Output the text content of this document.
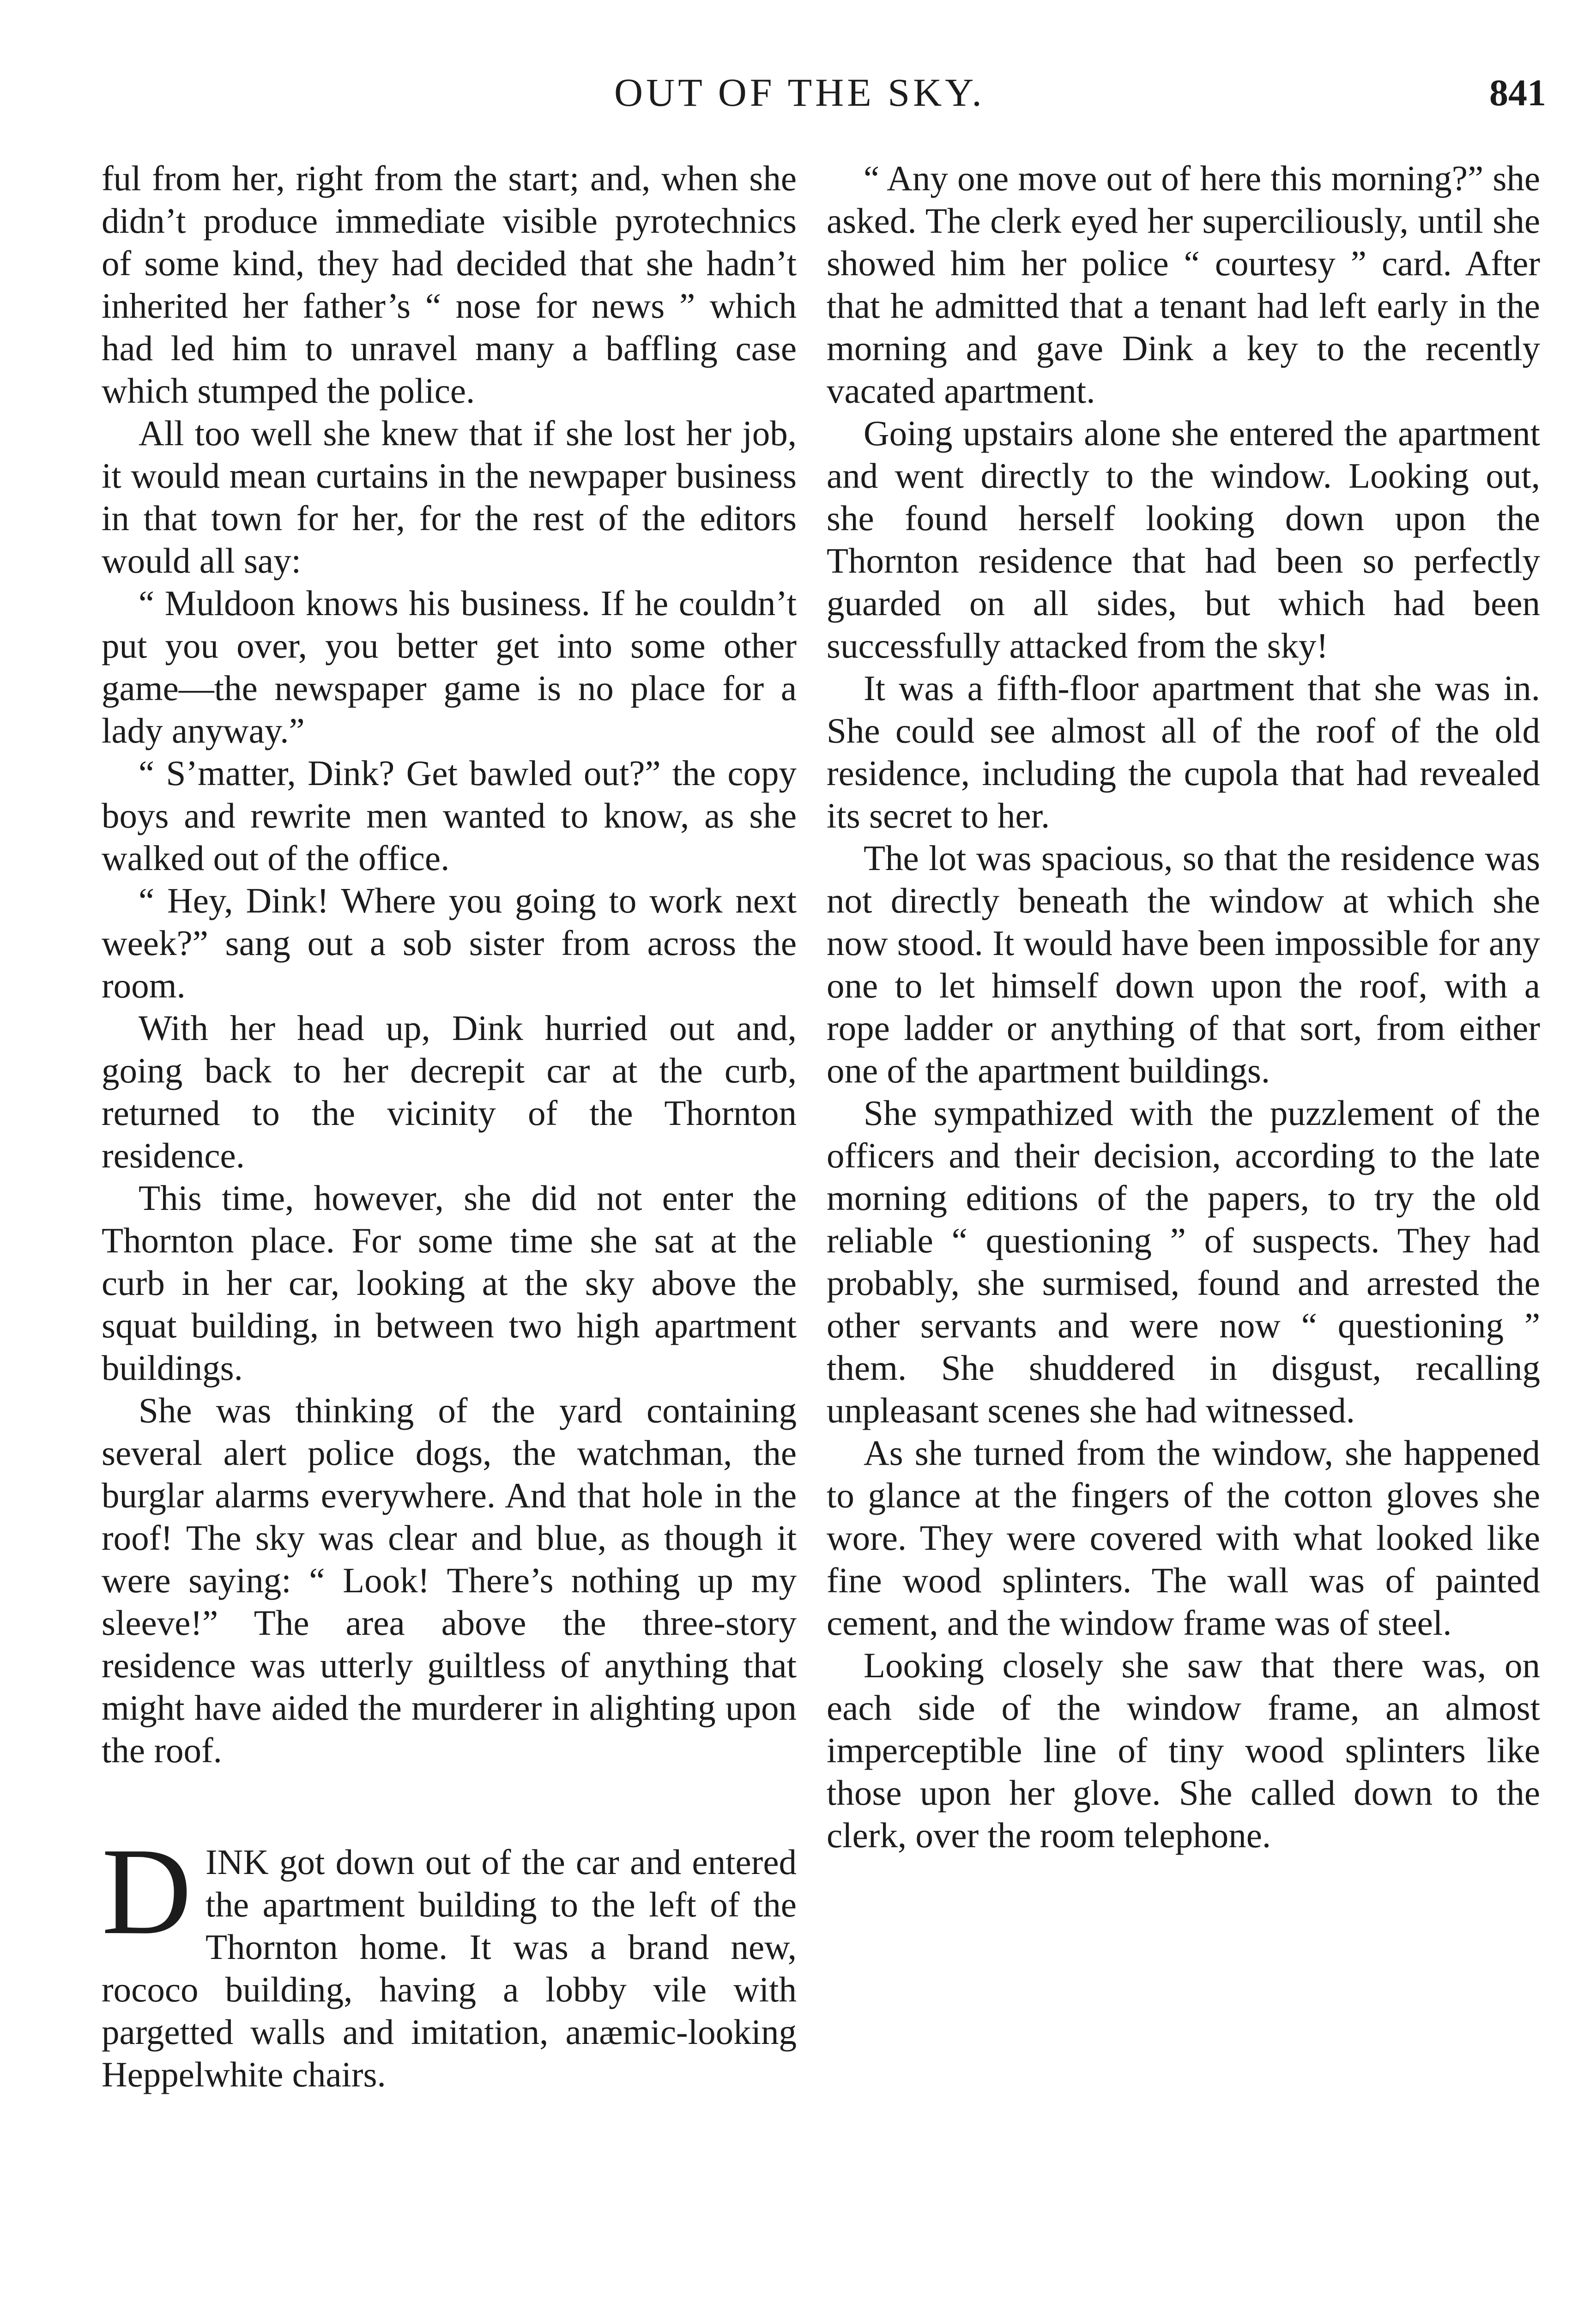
OUT OF THE SKY.	841

ful from her, right from the start; and, when she didn’t produce immediate visible pyrotechnics of some kind, they had decided that she hadn’t inherited her father’s “ nose for news ” which had led him to unravel many a baffling case which stumped the police.

All too well she knew that if she lost her job, it would mean curtains in the newpaper business in that town for her, for the rest of the editors would all say:

“ Muldoon knows his business. If he couldn’t put you over, you better get into some other game—the newspaper game is no place for a lady anyway.”

“ S’matter, Dink? Get bawled out?” the copy boys and rewrite men wanted to know, as she walked out of the office.

“ Hey, Dink! Where you going to work next week?” sang out a sob sister from across the room.

With her head up, Dink hurried out and, going back to her decrepit car at the curb, returned to the vicinity of the Thornton residence.

This time, however, she did not enter the Thornton place. For some time she sat at the curb in her car, looking at the sky above the squat building, in between two high apartment buildings.

She was thinking of the yard containing several alert police dogs, the watchman, the burglar alarms everywhere. And that hole in the roof! The sky was clear and blue, as though it were saying: “ Look! There’s nothing up my sleeve!” The area above the three-story residence was utterly guiltless of anything that might have aided the murderer in alighting upon the roof.

DINK got down out of the car and entered the apartment building to the left of the Thornton home. It was a brand new, rococo building, having a lobby vile with pargetted walls and imitation, anæmic-looking Heppelwhite chairs.

“ Any one move out of here this morning?” she asked. The clerk eyed her superciliously, until she showed him her police “ courtesy ” card. After that he admitted that a tenant had left early in the morning and gave Dink a key to the recently vacated apartment.

Going upstairs alone she entered the apartment and went directly to the window. Looking out, she found herself looking down upon the Thornton residence that had been so perfectly guarded on all sides, but which had been successfully attacked from the sky!

It was a fifth-floor apartment that she was in. She could see almost all of the roof of the old residence, including the cupola that had revealed its secret to her.

The lot was spacious, so that the residence was not directly beneath the window at which she now stood. It would have been impossible for any one to let himself down upon the roof, with a rope ladder or anything of that sort, from either one of the apartment buildings.

She sympathized with the puzzlement of the officers and their decision, according to the late morning editions of the papers, to try the old reliable “ questioning ” of suspects. They had probably, she surmised, found and arrested the other servants and were now “ questioning ” them. She shuddered in disgust, recalling unpleasant scenes she had witnessed.

As she turned from the window, she happened to glance at the fingers of the cotton gloves she wore. They were covered with what looked like fine wood splinters. The wall was of painted cement, and the window frame was of steel.

Looking closely she saw that there was, on each side of the window frame, an almost imperceptible line of tiny wood splinters like those upon her glove. She called down to the clerk, over the room telephone.
